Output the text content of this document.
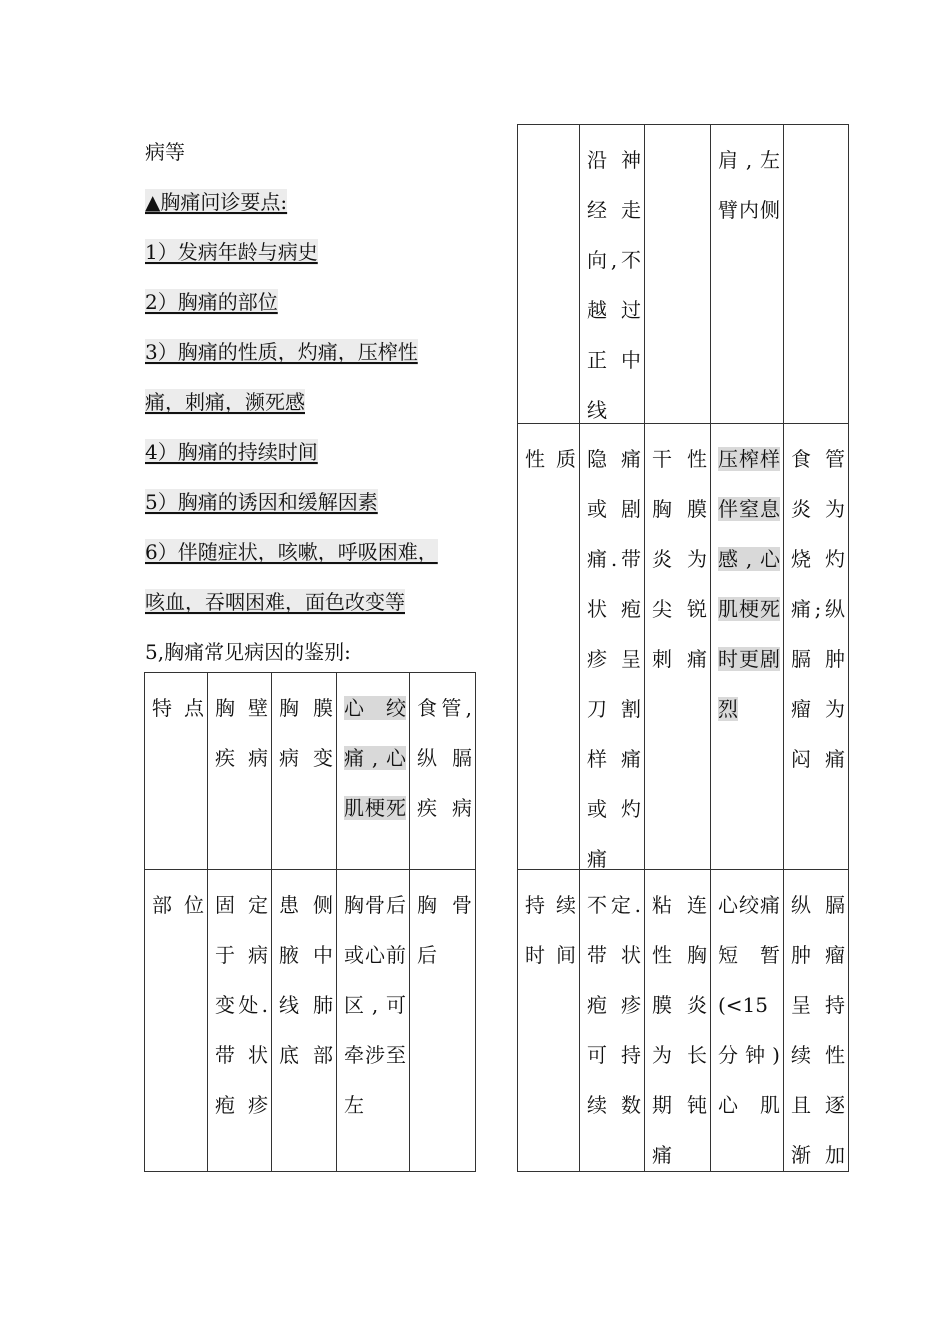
病等
▲胸痛问诊要点:
1）发病年龄与病史
2）胸痛的部位
3）胸痛的性质，灼痛，压榨性
痛，刺痛，濒死感
4）胸痛的持续时间
5）胸痛的诱因和缓解因素
6）伴随症状，咳嗽，呼吸困难，
咳血，吞咽困难，面色改变等
5,胸痛常见病因的鉴别:
特点 胸壁疾病
胸膜病变
心绞痛,心肌梗死
食管,纵膈疾病
部位 固定于病变处.带状疱疹
患侧腋中线肺底部
胸骨后或心前区,可牵涉至左
胸骨后
沿神经走向,不越过正中线
肩,左臂内侧
性质 隐痛或剧痛.带状疱疹呈刀割样痛或灼痛
干性胸膜炎为尖锐刺痛
压榨样伴窒息感,心肌梗死时更剧烈
食管炎为烧灼痛;纵膈肿瘤为闷痛
持续时间
不定.带状疱疹可持续数
粘连性胸膜炎为长期钝痛
心绞痛短暂(<15分钟)心肌
纵膈肿瘤呈持续性且逐渐加
